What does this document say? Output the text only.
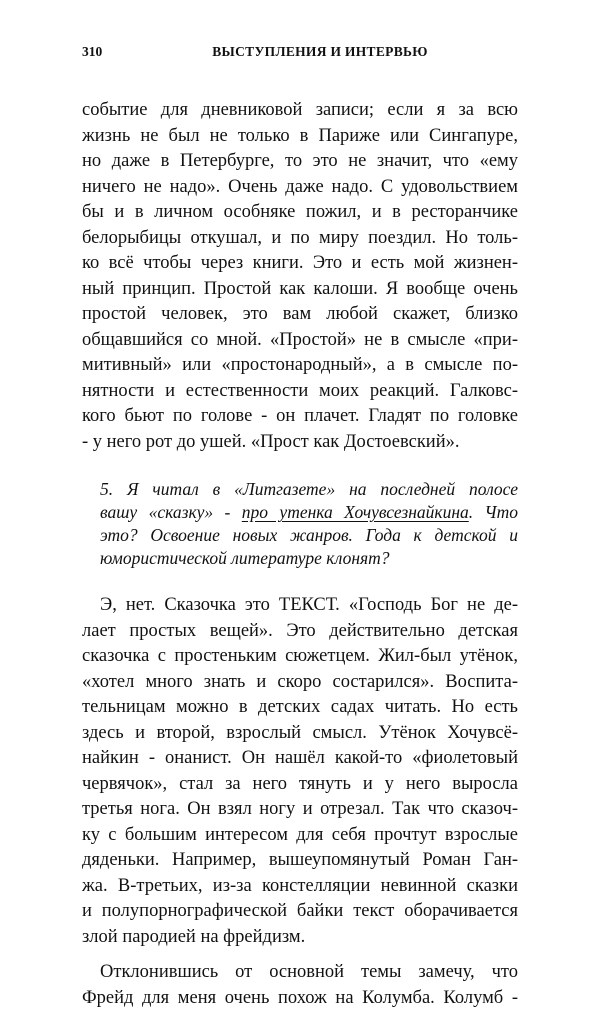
310	ВЫСТУПЛЕНИЯ И ИНТЕРВЬЮ
событие для дневниковой записи; если я за всю
жизнь не был не только в Париже или Сингапуре,
но даже в Петербурге, то это не значит, что «ему
ничего не надо». Очень даже надо. С удовольствием
бы и в личном особняке пожил, и в ресторанчике
белорыбицы откушал, и по миру поездил. Но толь-
ко всё чтобы через книги. Это и есть мой жизнен-
ный принцип. Простой как калоши. Я вообще очень
простой человек, это вам любой скажет, близко
общавшийся со мной. «Простой» не в смысле «при-
митивный» или «простонародный», а в смысле по-
нятности и естественности моих реакций. Галковс-
кого бьют по голове - он плачет. Гладят по головке
- у него рот до ушей. «Прост как Достоевский».
5. Я читал в «Литгазете» на последней полосе
вашу «сказку» - про утенка Хочувсезнайкина. Что
это? Освоение новых жанров. Года к детской и
юмористической литературе клонят?
Э, нет. Сказочка это ТЕКСТ. «Господь Бог не де-
лает простых вещей». Это действительно детская
сказочка с простеньким сюжетцем. Жил-был утёнок,
«хотел много знать и скоро состарился». Воспита-
тельницам можно в детских садах читать. Но есть
здесь и второй, взрослый смысл. Утёнок Хочувсё-
найкин - онанист. Он нашёл какой-то «фиолетовый
червячок», стал за него тянуть и у него выросла
третья нога. Он взял ногу и отрезал. Так что сказоч-
ку с большим интересом для себя прочтут взрослые
дяденьки. Например, вышеупомянутый Роман Ган-
жа. В-третьих, из-за констелляции невинной сказки
и полупорнографической байки текст оборачивается
злой пародией на фрейдизм.
Отклонившись от основной темы замечу, что
Фрейд для меня очень похож на Колумба. Колумб -
